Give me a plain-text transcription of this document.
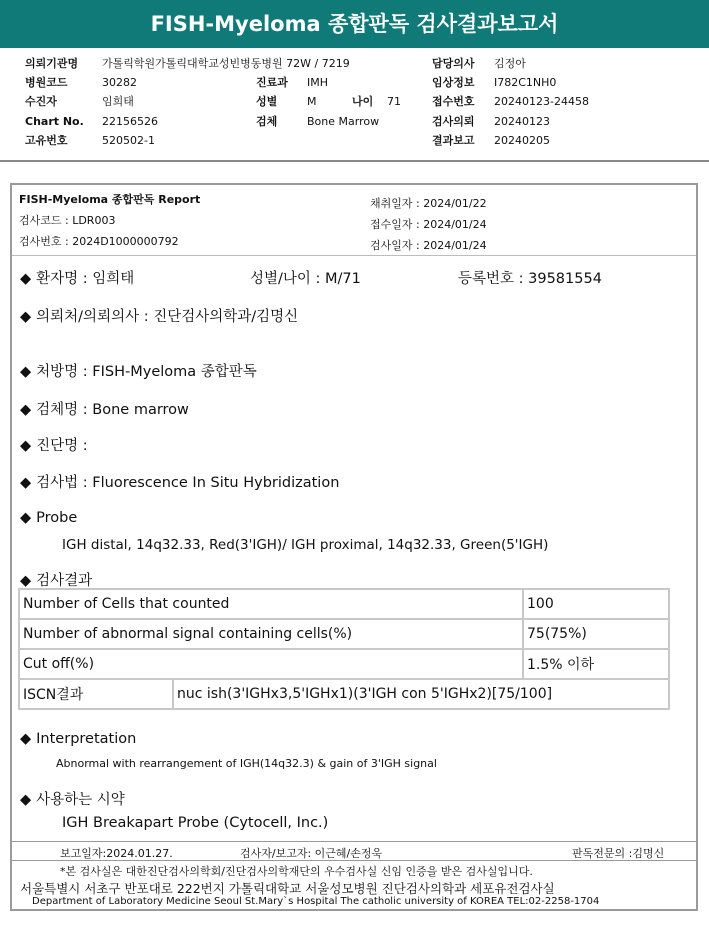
FISH-Myeloma 종합판독 검사결과보고서
의뢰기관명 가톨릭학원가톨릭대학교성빈병동병원 72W / 7219	담당의사 김정아
병원코드	30282	진료과 IMH	임상정보 I782C1NH0
수진자	임희태	성별	M	나이 71	접수번호 20240123-24458
Chart No. 22156526	검체	Bone Marrow	검사의뢰 20240123
고유번호	520502-1	결과보고 20240205
FISH-Myeloma 종합판독 Report
검사코드 : LDR003
검사번호 : 2024D1000000792
채취일자 : 2024/01/22
접수일자 : 2024/01/24
검사일자 : 2024/01/24
◆ 환자명 : 임희태	성별/나이 : M/71	등록번호 : 39581554
◆ 의뢰처/의뢰의사 : 진단검사의학과/김명신
◆ 처방명 : FISH-Myeloma 종합판독
◆ 검체명 : Bone marrow
◆ 진단명 :
◆ 검사법 : Fluorescence In Situ Hybridization
◆ Probe
IGH distal, 14q32.33, Red(3'IGH)/ IGH proximal, 14q32.33, Green(5'IGH)
◆ 검사결과
Number of Cells that counted		100
Number of abnormal signal containing cells(%)		75(75%)
Cut off(%)		1.5% 이하
ISCN결과	nuc ish(3'IGHx3,5'IGHx1)(3'IGH con 5'IGHx2)[75/100]	
◆ Interpretation
Abnormal with rearrangement of IGH(14q32.3) & gain of 3'IGH signal
◆ 사용하는 시약
IGH Breakapart Probe (Cytocell, Inc.)
보고일자:2024.01.27.	검사자/보고자: 이근혜/손정욱	판독전문의 :김명신
*본 검사실은 대한진단검사의학회/진단검사의학재단의 우수검사실 신임 인증을 받은 검사실입니다.
서울특별시 서초구 반포대로 222번지 가톨릭대학교 서울성모병원 진단검사의학과 세포유전검사실
Department of Laboratory Medicine Seoul St.Mary`s Hospital The catholic university of KOREA TEL:02-2258-1704
